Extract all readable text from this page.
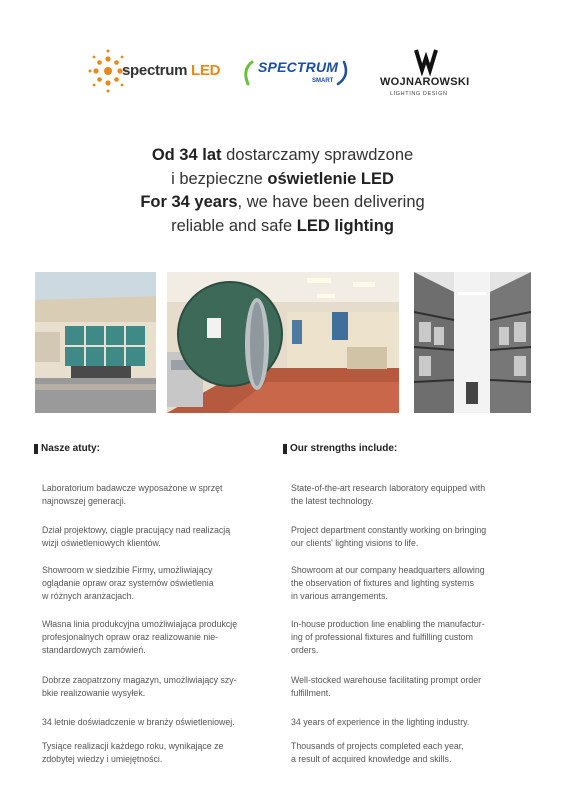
spectrum LED	SPECTRUM
SMART	WOJNAROWSKI
LIGHTING DESIGN
Od 34 lat dostarczamy sprawdzone
i bezpieczne oświetlenie LED
For 34 years, we have been delivering
reliable and safe LED lighting
Nasze atuty:
Laboratorium badawcze wyposażone w sprzęt
najnowszej generacji.
Dział projektowy, ciągle pracujący nad realizacją
wizji oświetleniowych klientów.
Showroom w siedzibie Firmy, umożliwiający
oglądanie opraw oraz systemów oświetlenia
w różnych aranżacjach.
Własna linia produkcyjna umożliwiająca produkcję
profesjonalnych opraw oraz realizowanie nie-
standardowych zamówień.
Dobrze zaopatrzony magazyn, umożliwiający szy-
bkie realizowanie wysyłek.
34 letnie doświadczenie w branży oświetleniowej.
Tysiące realizacji każdego roku, wynikające ze
zdobytej wiedzy i umiejętności.
Our strengths include:
State-of-the-art research laboratory equipped with
the latest technology.
Project department constantly working on bringing
our clients' lighting visions to life.
Showroom at our company headquarters allowing
the observation of fixtures and lighting systems
in various arrangements.
In-house production line enabling the manufactur-
ing of professional fixtures and fulfilling custom
orders.
Well-stocked warehouse facilitating prompt order
fulfillment.
34 years of experience in the lighting industry.
Thousands of projects completed each year,
a result of acquired knowledge and skills.
